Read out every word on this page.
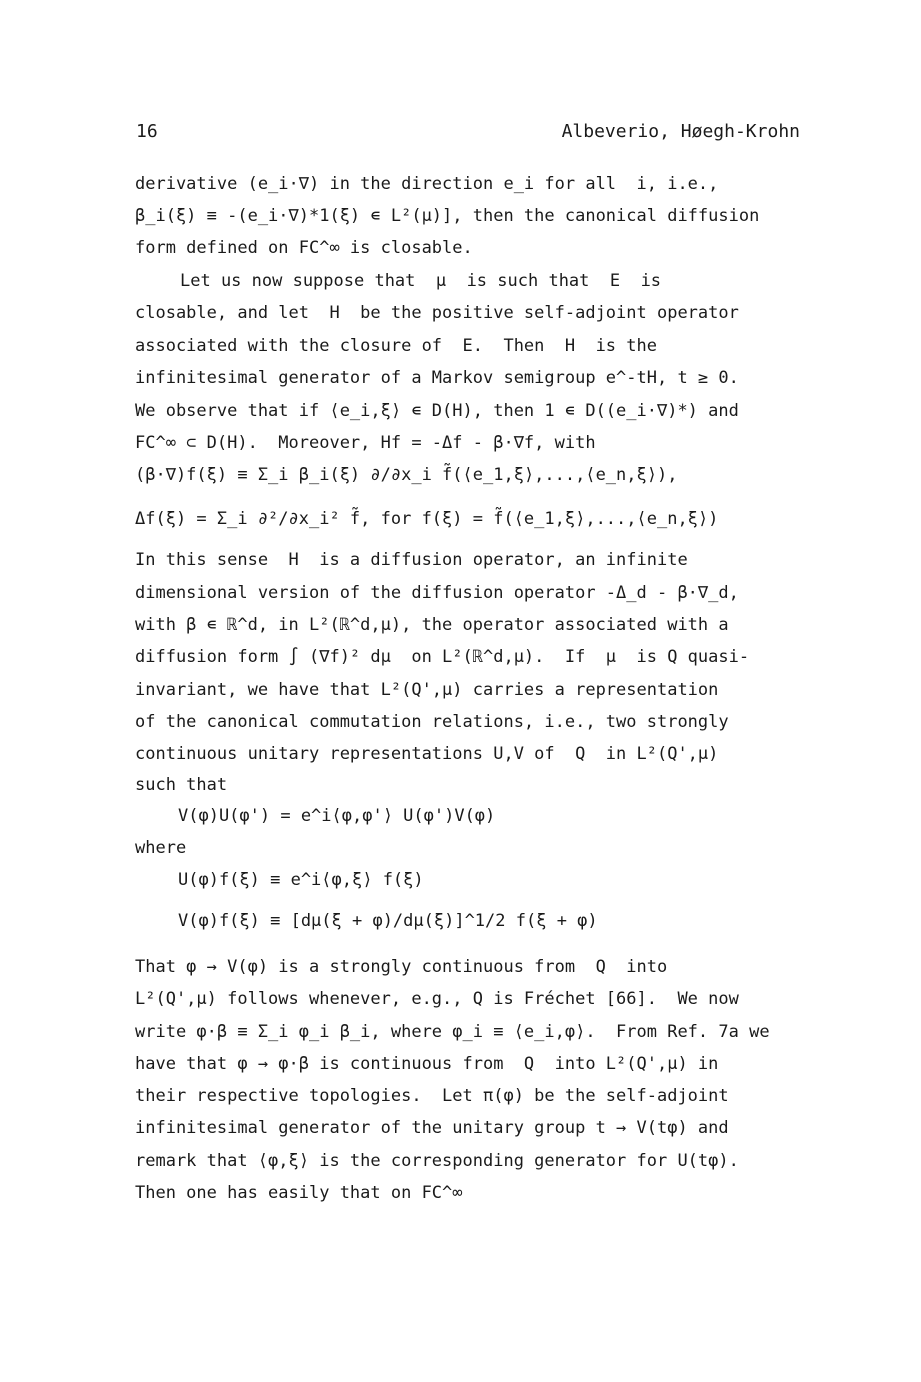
16	Albeverio, Høegh-Krohn
derivative (e_i·∇) in the direction e_i for all  i, i.e.,
β_i(ξ) ≡ -(e_i·∇)*1(ξ) ∊ L²(μ)], then the canonical diffusion
form defined on FC^∞ is closable.
Let us now suppose that  μ  is such that  E  is
closable, and let  H  be the positive self-adjoint operator
associated with the closure of  E.  Then  H  is the
infinitesimal generator of a Markov semigroup e^-tH, t ≥ 0.
We observe that if ⟨e_i,ξ⟩ ∊ D(H), then 1 ∊ D((e_i·∇)*) and
FC^∞ ⊂ D(H).  Moreover, Hf = -Δf - β·∇f, with
(β·∇)f(ξ) ≡ Σ_i β_i(ξ) ∂/∂x_i f̃(⟨e_1,ξ⟩,...,⟨e_n,ξ⟩),
Δf(ξ) = Σ_i ∂²/∂x_i² f̃, for f(ξ) = f̃(⟨e_1,ξ⟩,...,⟨e_n,ξ⟩)
In this sense  H  is a diffusion operator, an infinite
dimensional version of the diffusion operator -Δ_d - β·∇_d,
with β ∊ ℝ^d, in L²(ℝ^d,μ), the operator associated with a
diffusion form ∫ (∇f)² dμ  on L²(ℝ^d,μ).  If  μ  is Q quasi-
invariant, we have that L²(Q',μ) carries a representation
of the canonical commutation relations, i.e., two strongly
continuous unitary representations U,V of  Q  in L²(Q',μ)
such that
V(φ)U(φ') = e^i⟨φ,φ'⟩ U(φ')V(φ)
where
U(φ)f(ξ) ≡ e^i⟨φ,ξ⟩ f(ξ)
V(φ)f(ξ) ≡ [dμ(ξ + φ)/dμ(ξ)]^1/2 f(ξ + φ)
That φ → V(φ) is a strongly continuous from  Q  into
L²(Q',μ) follows whenever, e.g., Q is Fréchet [66].  We now
write φ·β ≡ Σ_i φ_i β_i, where φ_i ≡ ⟨e_i,φ⟩.  From Ref. 7a we
have that φ → φ·β is continuous from  Q  into L²(Q',μ) in
their respective topologies.  Let π(φ) be the self-adjoint
infinitesimal generator of the unitary group t → V(tφ) and
remark that ⟨φ,ξ⟩ is the corresponding generator for U(tφ).
Then one has easily that on FC^∞
